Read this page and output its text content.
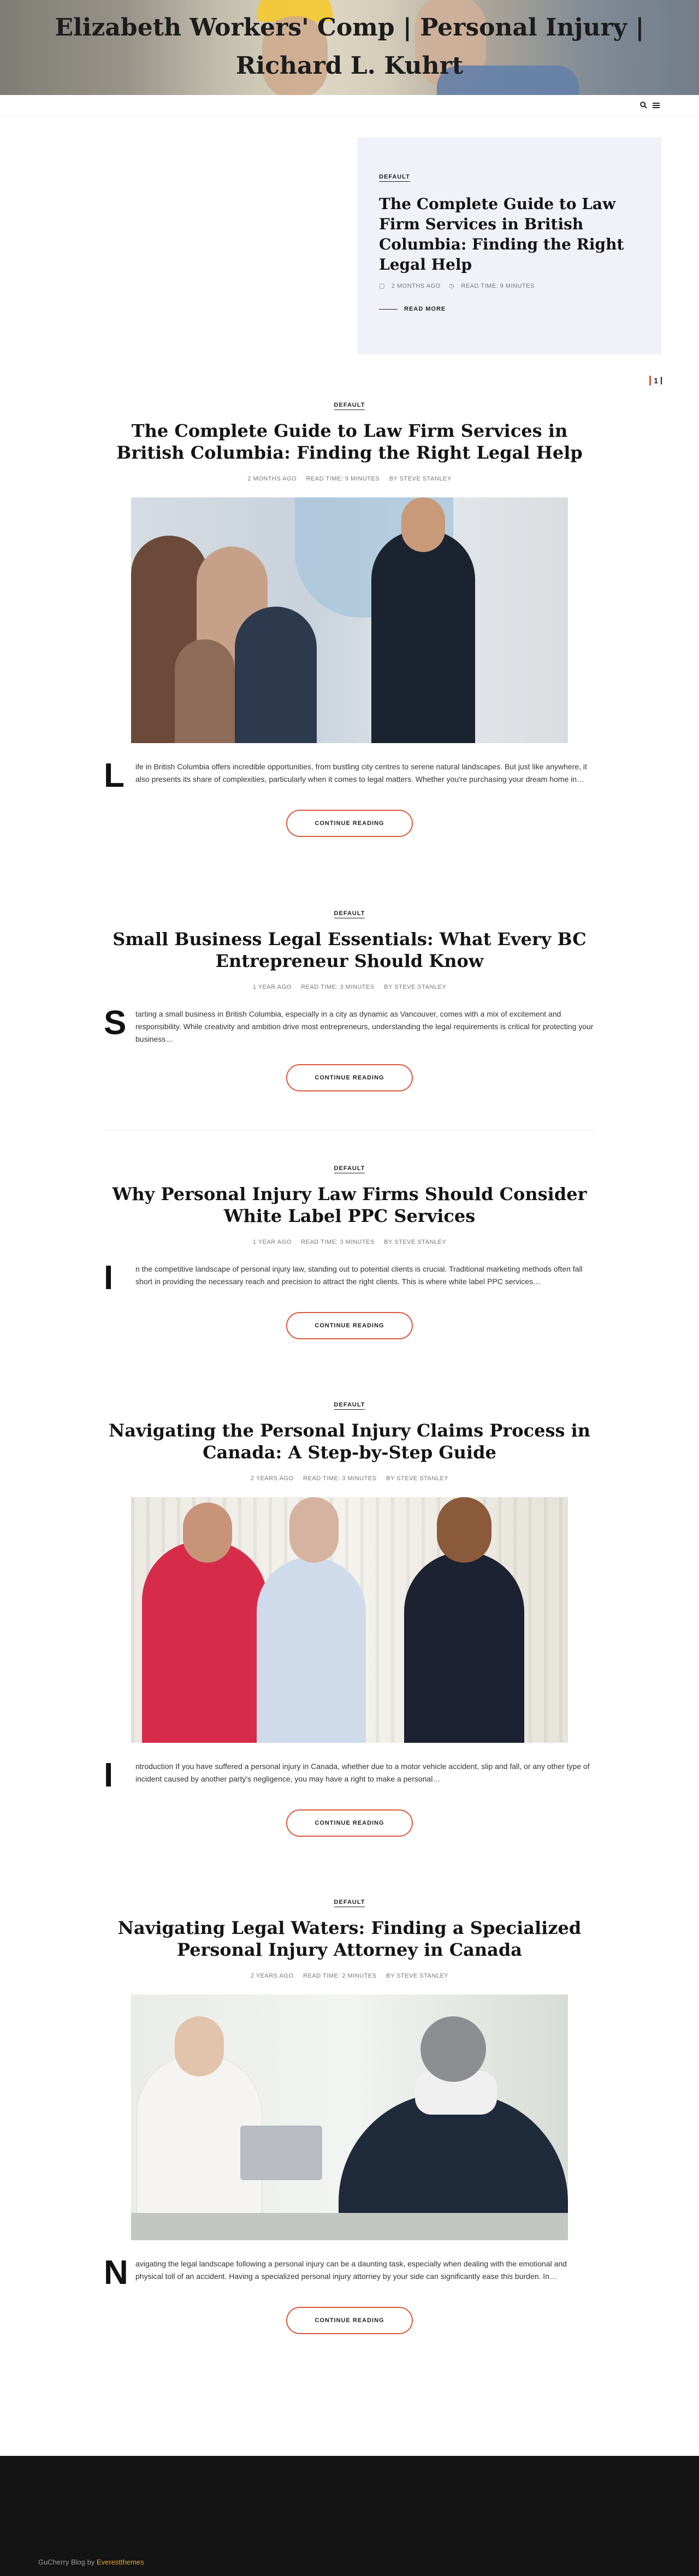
Elizabeth Workers' Comp | Personal Injury | Richard L. Kuhrt

DEFAULT
The Complete Guide to Law Firm Services in British Columbia: Finding the Right Legal Help
▢ 2 MONTHS AGO ◷ READ TIME: 9 MINUTES
READ MORE
1
DEFAULT
The Complete Guide to Law Firm Services in British Columbia: Finding the Right Legal Help
2 MONTHS AGO READ TIME: 9 MINUTES BY STEVE STANLEY
L	ife in British Columbia offers incredible opportunities, from bustling city centres to serene natural landscapes. But just like anywhere, it also presents its share of complexities, particularly when it comes to legal matters. Whether you're purchasing your dream home in…

CONTINUE READING
DEFAULT
Small Business Legal Essentials: What Every BC Entrepreneur Should Know
1 YEAR AGO READ TIME: 3 MINUTES BY STEVE STANLEY
S tarting a small business in British Columbia, especially in a city as dynamic as Vancouver, comes with a mix of excitement and responsibility. While creativity and ambition drive most entrepreneurs, understanding the legal requirements is critical for protecting your business…

CONTINUE READING
DEFAULT
Why Personal Injury Law Firms Should Consider White Label PPC Services
1 YEAR AGO READ TIME: 3 MINUTES BY STEVE STANLEY
I	n the competitive landscape of personal injury law, standing out to potential clients is crucial. Traditional marketing methods often fall short in providing the necessary reach and precision to attract the right clients. This is where white label PPC services…

CONTINUE READING
DEFAULT
Navigating the Personal Injury Claims Process in Canada: A Step-by-Step Guide
2 YEARS AGO READ TIME: 3 MINUTES BY STEVE STANLEY
I	ntroduction If you have suffered a personal injury in Canada, whether due to a motor vehicle accident, slip and fall, or any other type of incident caused by another party's negligence, you may have a right to make a personal…

CONTINUE READING
DEFAULT
Navigating Legal Waters: Finding a Specialized Personal Injury Attorney in Canada
2 YEARS AGO READ TIME: 2 MINUTES BY STEVE STANLEY
N avigating the legal landscape following a personal injury can be a daunting task, especially when dealing with the emotional and physical toll of an accident. Having a specialized personal injury attorney by your side can significantly ease this burden. In…

CONTINUE READING
GuCherry Blog by Everestthemes
